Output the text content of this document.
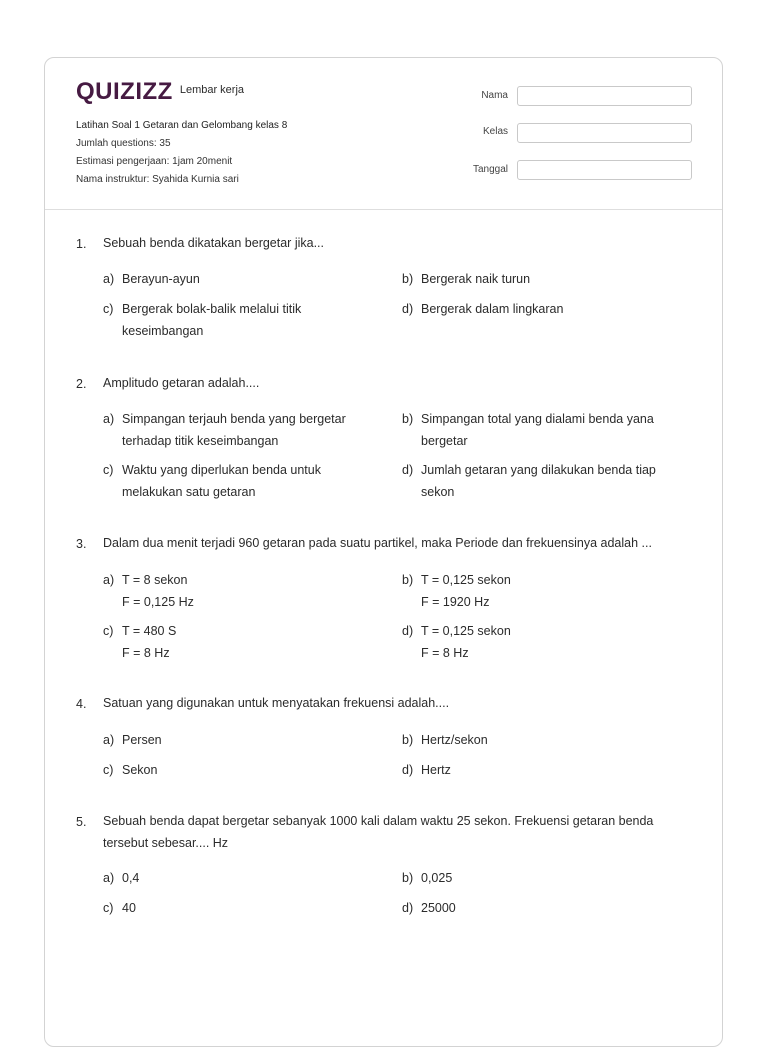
QUIZIZZ Lembar kerja
Latihan Soal 1 Getaran dan Gelombang kelas 8
Jumlah questions: 35
Estimasi pengerjaan: 1jam 20menit
Nama instruktur: Syahida Kurnia sari
Nama
Kelas
Tanggal
1. Sebuah benda dikatakan bergetar jika...
a) Berayun-ayun	b) Bergerak naik turun
c) Bergerak bolak-balik melalui titik
keseimbangan
d) Bergerak dalam lingkaran
2. Amplitudo getaran adalah....
a) Simpangan terjauh benda yang bergetar
terhadap titik keseimbangan
b) Simpangan total yang dialami benda yana
bergetar
c) Waktu yang diperlukan benda untuk
melakukan satu getaran
d) Jumlah getaran yang dilakukan benda tiap
sekon
3. Dalam dua menit terjadi 960 getaran pada suatu partikel, maka Periode dan frekuensinya adalah ...
a) T = 8 sekon
F = 0,125 Hz
b) T = 0,125 sekon
F = 1920 Hz
c) T = 480 S
F = 8 Hz
d) T = 0,125 sekon
F = 8 Hz
4. Satuan yang digunakan untuk menyatakan frekuensi adalah....
a) Persen	b) Hertz/sekon
c) Sekon	d) Hertz
5. Sebuah benda dapat bergetar sebanyak 1000 kali dalam waktu 25 sekon. Frekuensi getaran benda tersebut sebesar.... Hz
a) 0,4	b) 0,025
c) 40	d) 25000
